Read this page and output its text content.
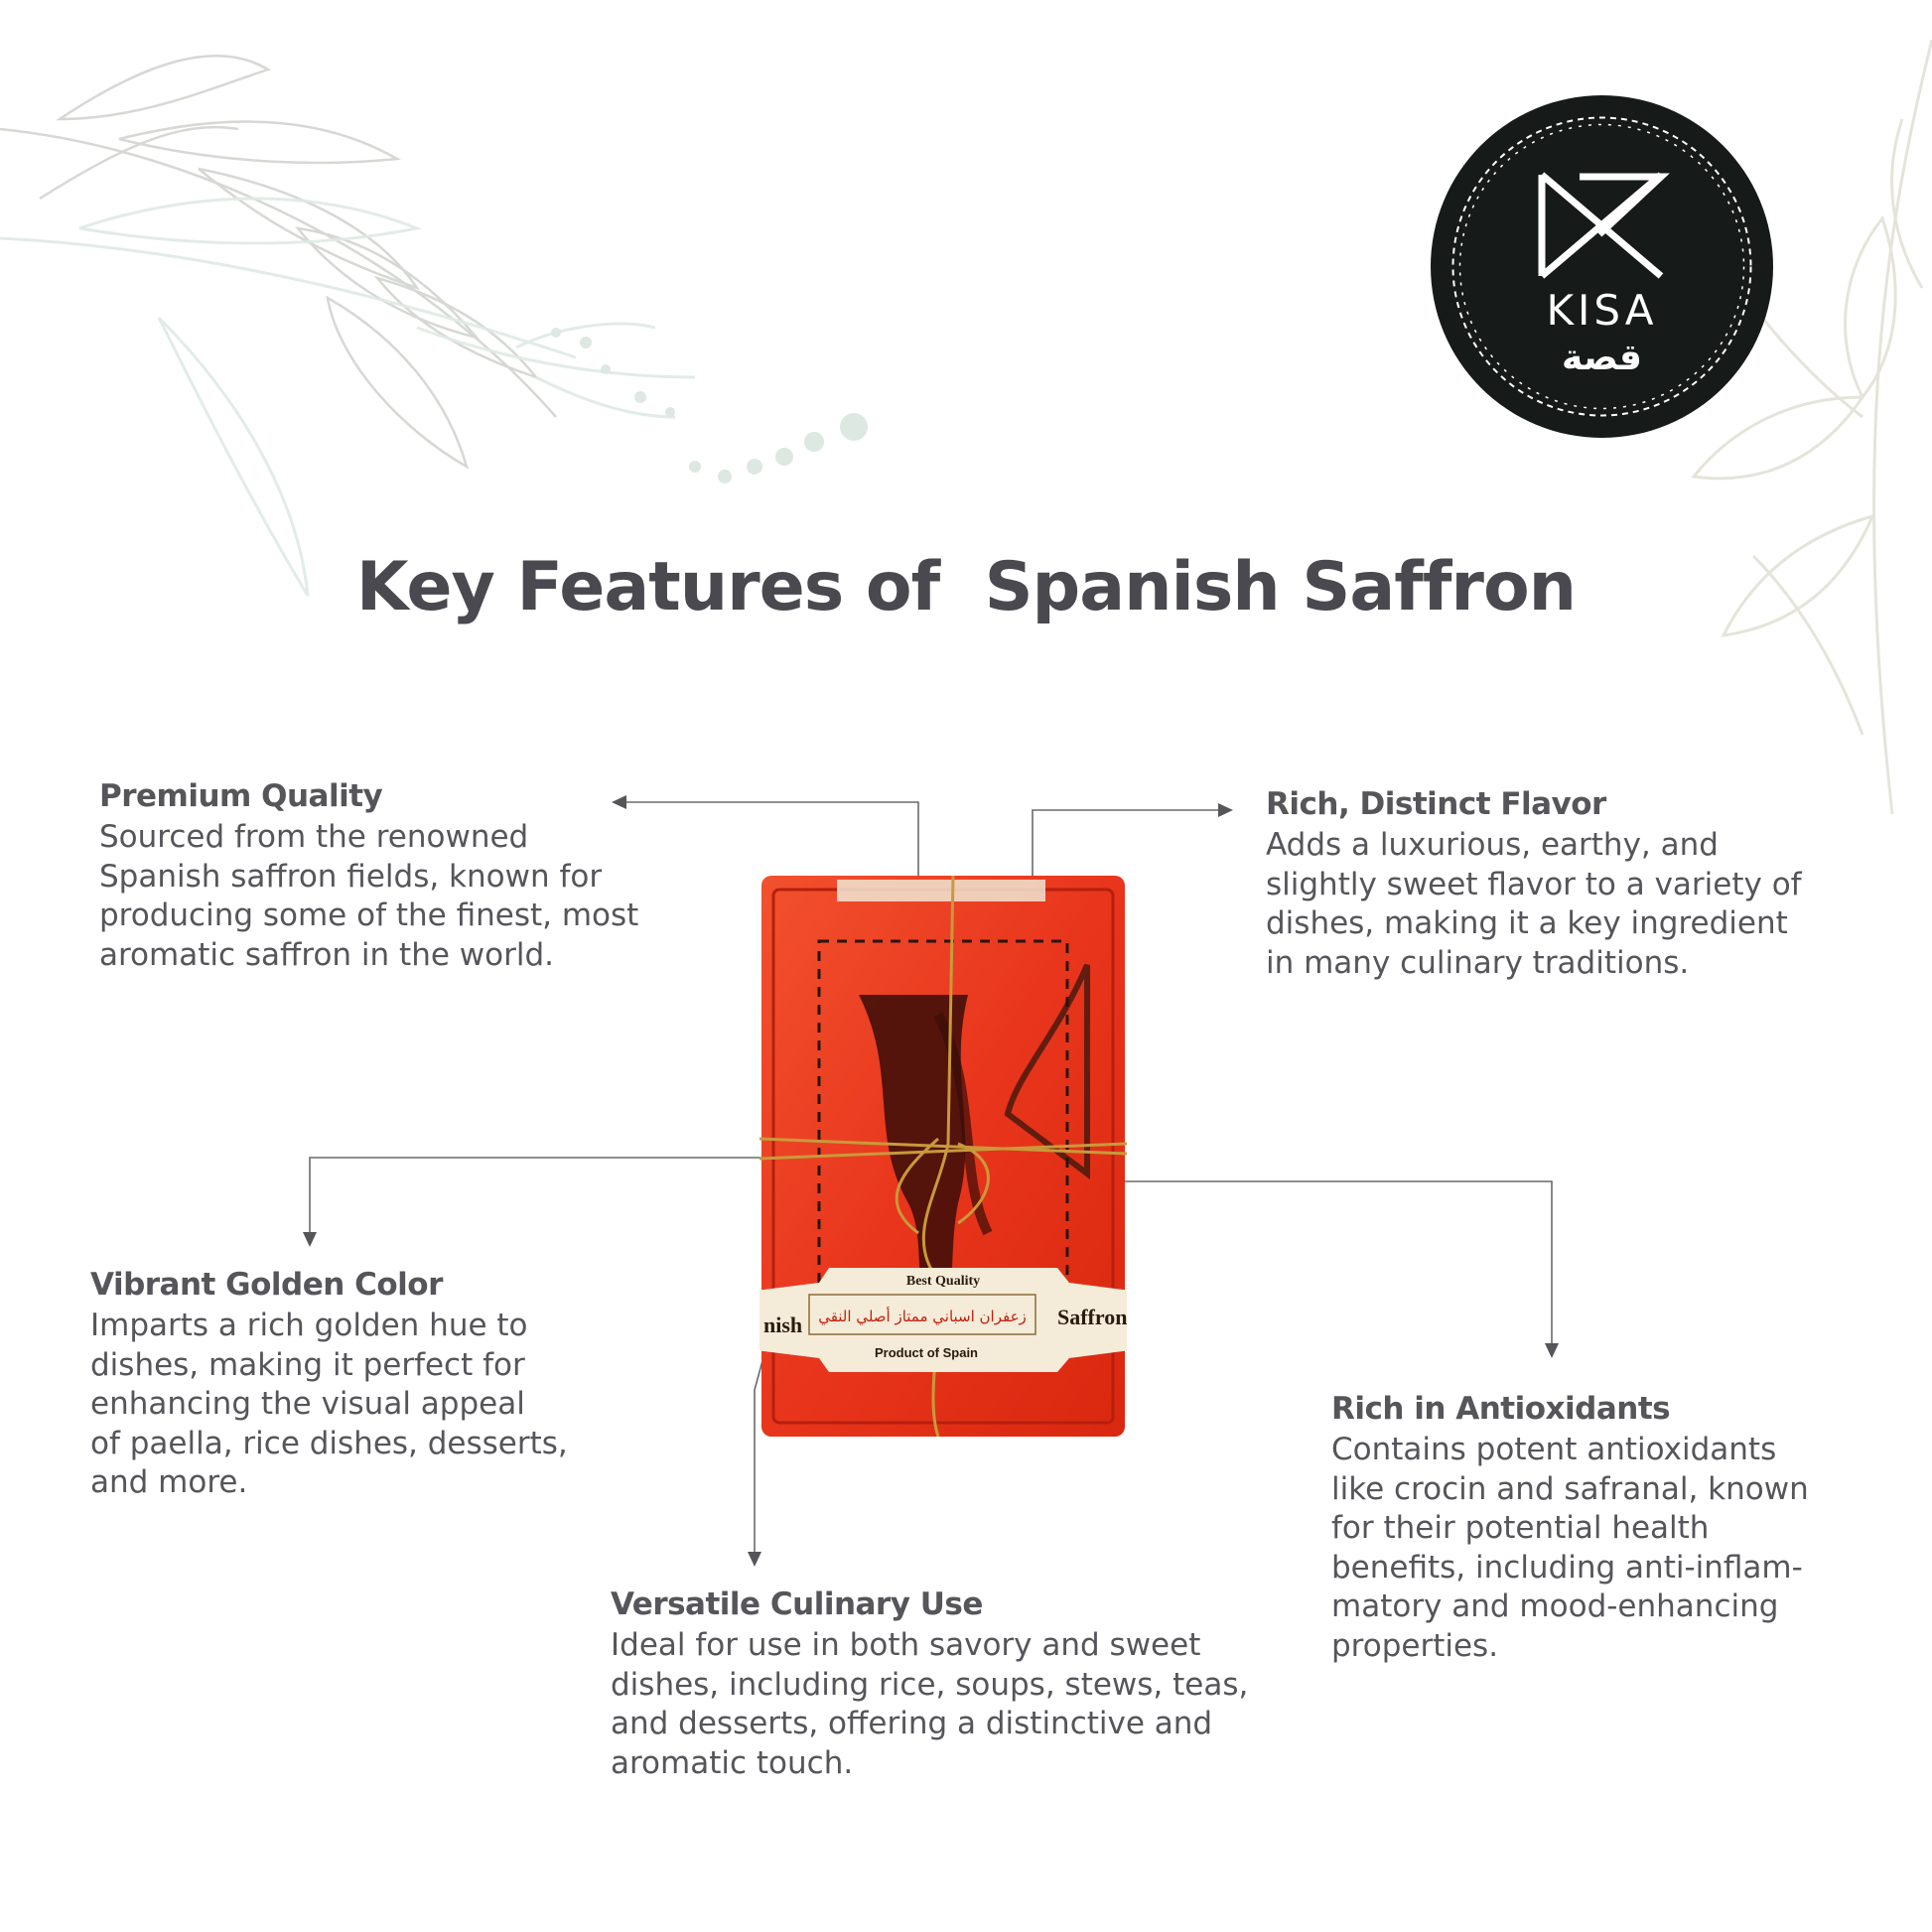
KISA
قصة
Key Features of  Spanish Saffron
Best Quality
زعفران اسباني ممتاز أصلي النقي
nish	Saffron
Product of Spain
Premium Quality

Sourced from the renowned
Spanish saffron fields, known for
producing some of the finest, most
aromatic saffron in the world.

Rich, Distinct Flavor

Adds a luxurious, earthy, and
slightly sweet flavor to a variety of
dishes, making it a key ingredient
in many culinary traditions.

Vibrant Golden Color

Imparts a rich golden hue to
dishes, making it perfect for
enhancing the visual appeal
of paella, rice dishes, desserts,
and more.

Rich in Antioxidants

Contains potent antioxidants
like crocin and safranal, known
for their potential health
benefits, including anti-inflam-
matory and mood-enhancing
properties.

Versatile Culinary Use

Ideal for use in both savory and sweet
dishes, including rice, soups, stews, teas,
and desserts, offering a distinctive and
aromatic touch.
